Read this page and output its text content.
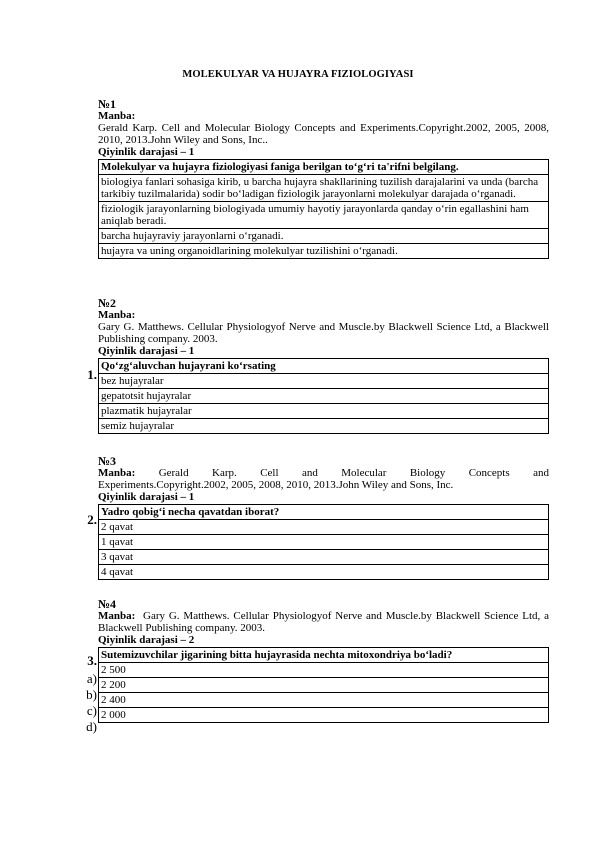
MOLEKULYAR VA HUJAYRA FIZIOLOGIYASI
№1
Manba:
Gerald Karp. Cell and Molecular Biology Concepts and Experiments.Copyright.2002, 2005, 2008, 2010, 2013.John Wiley and Sons, Inc..
Qiyinlik darajasi – 1
Molekulyar va hujayra fiziologiyasi faniga berilgan to‘g‘ri ta'rifni belgilang.
biologiya fanlari sohasiga kirib, u barcha hujayra shakllarining tuzilish darajalarini va unda (barcha tarkibiy tuzilmalarida) sodir bo‘ladigan fiziologik jarayonlarni molekulyar darajada o‘rganadi.
fiziologik jarayonlarning biologiyada umumiy hayotiy jarayonlarda qanday o‘rin egallashini ham aniqlab beradi.
barcha hujayraviy jarayonlarni o‘rganadi.
hujayra va uning organoidlarining molekulyar tuzilishini o‘rganadi.
№2
Manba:
Gary G. Matthews. Cellular Physiologyof Nerve and Muscle.by Blackwell Science Ltd, a Blackwell Publishing company. 2003.
Qiyinlik darajasi – 1
Qo‘zg‘aluvchan hujayrani ko‘rsating
bez hujayralar
gepatotsit hujayralar
plazmatik hujayralar
semiz hujayralar
1.
№3
Manba: Gerald Karp. Cell and Molecular Biology Concepts and
Experiments.Copyright.2002, 2005, 2008, 2010, 2013.John Wiley and Sons, Inc.
Qiyinlik darajasi – 1
Yadro qobig‘i necha qavatdan iborat?
2 qavat
1 qavat
3 qavat
4 qavat
2.
№4
Manba: Gary G. Matthews. Cellular Physiologyof Nerve and Muscle.by Blackwell Science Ltd, a Blackwell Publishing company. 2003.
Qiyinlik darajasi – 2
Sutemizuvchilar jigarining bitta hujayrasida nechta mitoxondriya bo‘ladi?
2 500
2 200
2 400
2 000
3.
a)
b)
c)
d)
